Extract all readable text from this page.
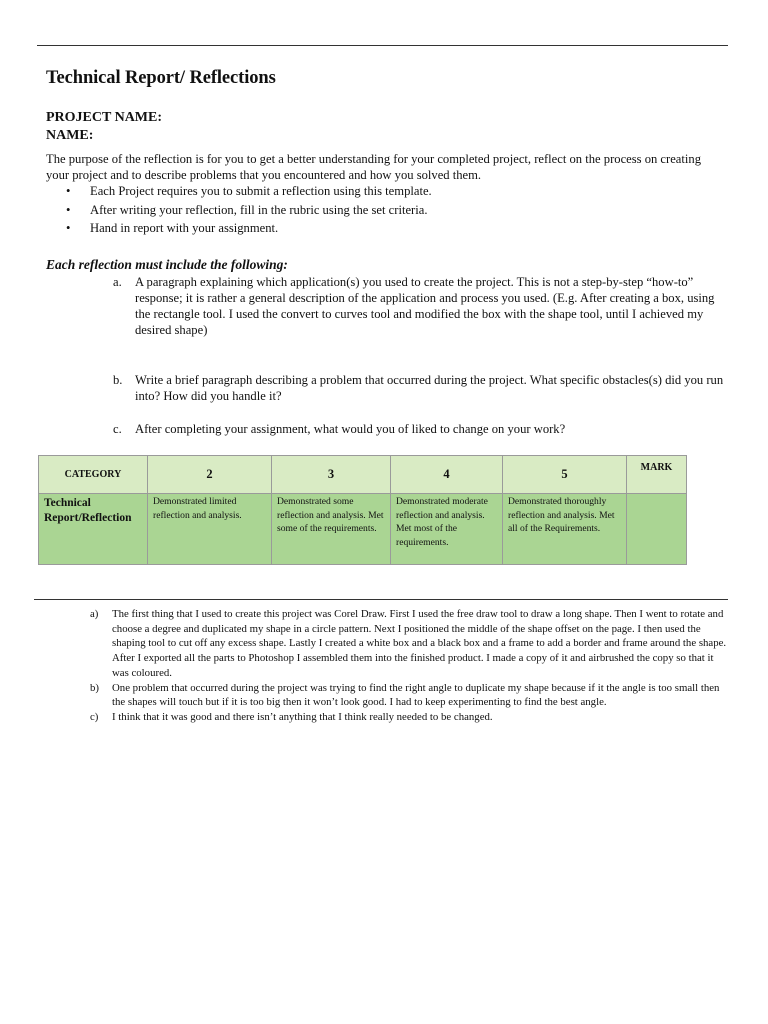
Technical Report/ Reflections
PROJECT NAME:
NAME:
The purpose of the reflection is for you to get a better understanding for your completed project, reflect on the process on creating your project and to describe problems that you encountered and how you solved them.
• Each Project requires you to submit a reflection using this template.
• After writing your reflection, fill in the rubric using the set criteria.
• Hand in report with your assignment.
Each reflection must include the following:
a. A paragraph explaining which application(s) you used to create the project. This is not a step-by-step “how-to” response; it is rather a general description of the application and process you used. (E.g. After creating a box, using the rectangle tool. I used the convert to curves tool and modified the box with the shape tool, until I achieved my desired shape)
b. Write a brief paragraph describing a problem that occurred during the project. What specific obstacles(s) did you run into? How did you handle it?
c. After completing your assignment, what would you of liked to change on your work?
CATEGORY	2	3	4	5	MARK
Technical Report/Reflection	Demonstrated limited reflection and analysis.	Demonstrated some reflection and analysis. Met some of the requirements.	Demonstrated moderate reflection and analysis. Met most of the requirements.	Demonstrated thoroughly reflection and analysis. Met all of the Requirements.	
a) The first thing that I used to create this project was Corel Draw. First I used the free draw tool to draw a long shape. Then I went to rotate and choose a degree and duplicated my shape in a circle pattern. Next I positioned the middle of the shape offset on the page. I then used the shaping tool to cut off any excess shape. Lastly I created a white box and a black box and a frame to add a border and frame around the shape. After I exported all the parts to Photoshop I assembled them into the finished product. I made a copy of it and airbrushed the copy so that it was coloured.
b) One problem that occurred during the project was trying to find the right angle to duplicate my shape because if it the angle is too small then the shapes will touch but if it is too big then it won’t look good. I had to keep experimenting to find the best angle.
c) I think that it was good and there isn’t anything that I think really needed to be changed.
